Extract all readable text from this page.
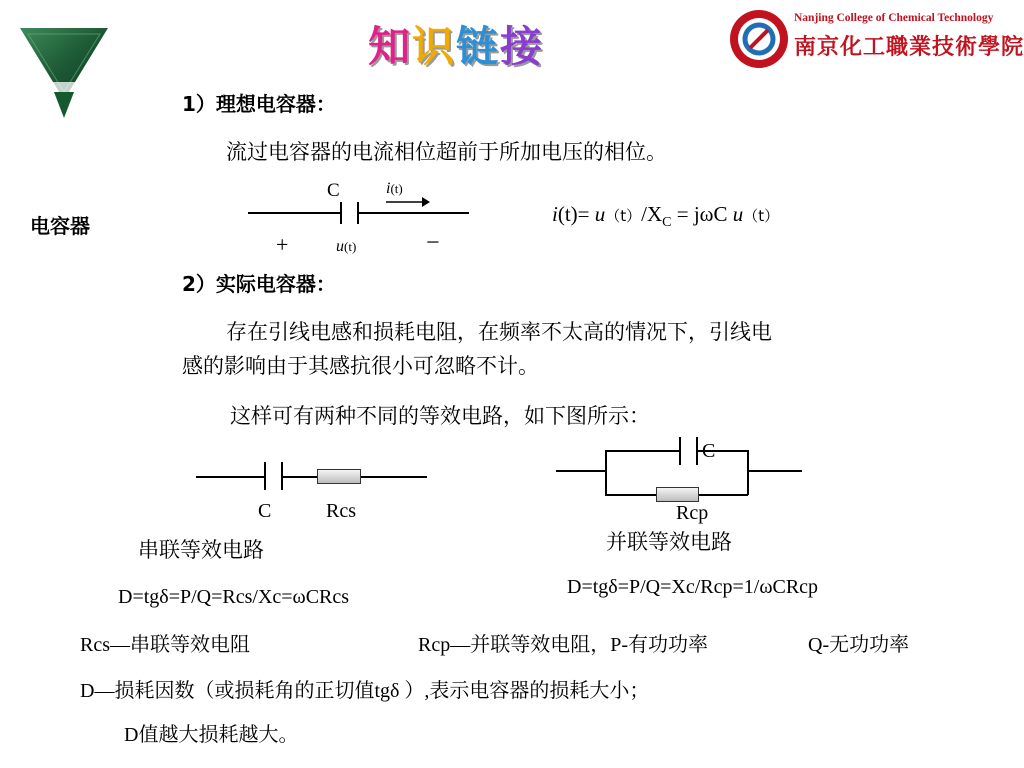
知识链接
Nanjing College of Chemical Technology
南京化工職業技術學院
电容器
1）理想电容器：
流过电容器的电流相位超前于所加电压的相位。
C	i(t)
+	u(t)	−
$i(t)= u(t)/X_C = j\omega C$ u（t）
2）实际电容器：
存在引线电感和损耗电阻，在频率不太高的情况下，引线电
感的影响由于其感抗很小可忽略不计。
这样可有两种不同的等效电路，如下图所示：
C	Rcs
串联等效电路
D=tgδ=P/Q=Rcs/Xc=ωCRcs
C
Rcp
并联等效电路
D=tgδ=P/Q=Xc/Rcp=1/ωCRcp
Rcs—串联等效电阻	Rcp—并联等效电阻，P-有功功率	Q-无功功率
D—损耗因数（或损耗角的正切值tgδ ）,表示电容器的损耗大小；
D值越大损耗越大。
